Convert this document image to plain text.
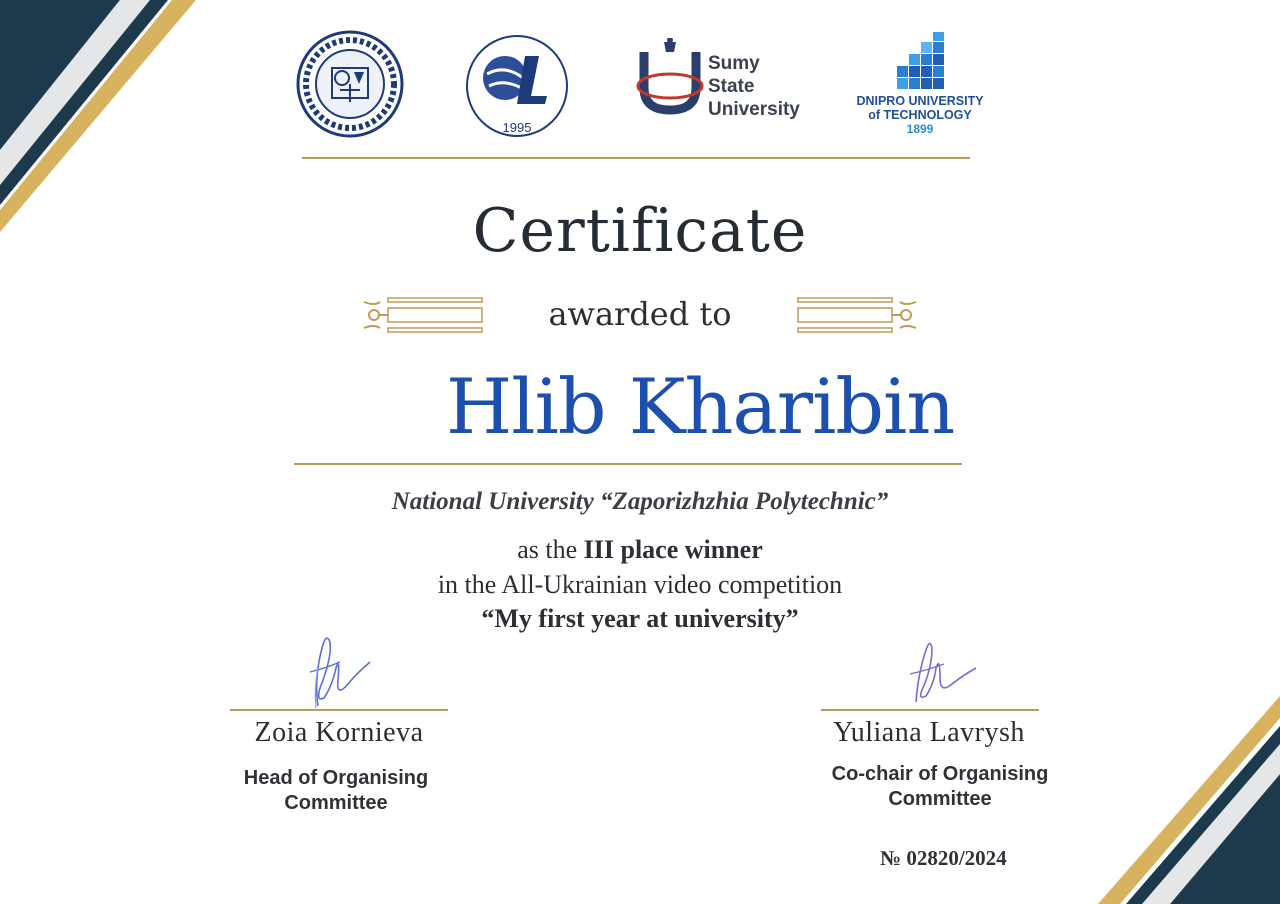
1995
Sumy
State
University	DNIPRO UNIVERSITY
of TECHNOLOGY
1899
Certificate
awarded to
Hlib Kharibin
National University “Zaporizhzhia Polytechnic”
as the III place winner
in the All-Ukrainian video competition
“My first year at university”
Zoia Kornieva
Head of Organising
Committee
Yuliana Lavrysh
Co-chair of Organising
Committee
№ 02820/2024
